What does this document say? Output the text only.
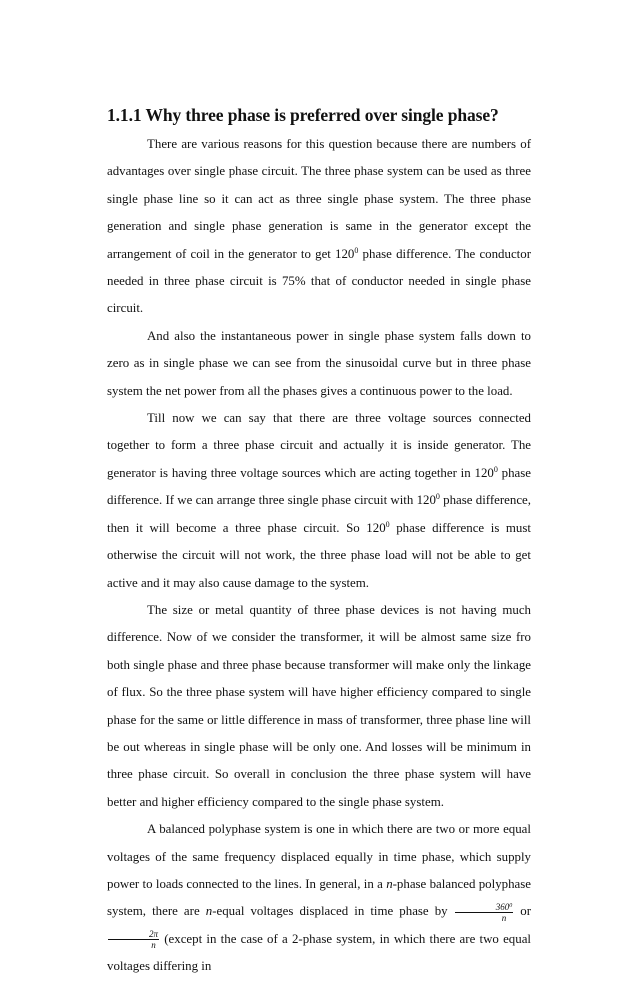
1.1.1 Why three phase is preferred over single phase?

There are various reasons for this question because there are numbers of advantages over single phase circuit. The three phase system can be used as three single phase line so it can act as three single phase system. The three phase generation and single phase generation is same in the generator except the arrangement of coil in the generator to get $120^0$ phase difference. The conductor needed in three phase circuit is 75% that of conductor needed in single phase circuit.

And also the instantaneous power in single phase system falls down to zero as in single phase we can see from the sinusoidal curve but in three phase system the net power from all the phases gives a continuous power to the load.

Till now we can say that there are three voltage sources connected together to form a three phase circuit and actually it is inside generator. The generator is having three voltage sources which are acting together in $120^0$ phase difference. If we can arrange three single phase circuit with $120^0$ phase difference, then it will become a three phase circuit. So $120^0$ phase difference is must otherwise the circuit will not work, the three phase load will not be able to get active and it may also cause damage to the system.

The size or metal quantity of three phase devices is not having much difference. Now of we consider the transformer, it will be almost same size fro both single phase and three phase because transformer will make only the linkage of flux. So the three phase system will have higher efficiency compared to single phase for the same or little difference in mass of transformer, three phase line will be out whereas in single phase will be only one. And losses will be minimum in three phase circuit. So overall in conclusion the three phase system will have better and higher efficiency compared to the single phase system.

A balanced polyphase system is one in which there are two or more equal voltages of the same frequency displaced equally in time phase, which supply power to loads connected to the lines. In general, in a n-phase balanced polyphase system, there are n-equal voltages displaced in time phase by $\frac{360^0}{n}$ or
$\frac{2\pi}{n}$ (except in the case of a 2-phase system, in which there are two equal voltages differing in
